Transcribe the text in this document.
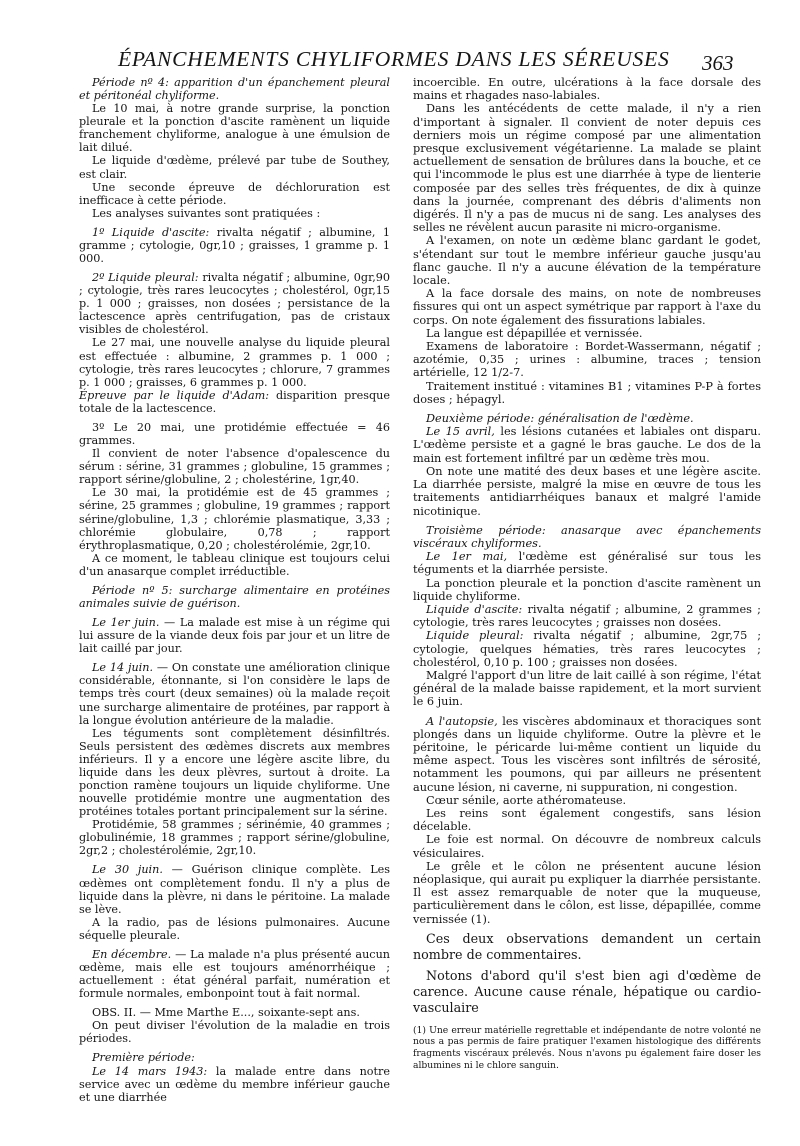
ÉPANCHEMENTS CHYLIFORMES DANS LES SÉREUSES 363

Période nº 4: apparition d'un épanchement pleural et péritonéal chyliforme.

Le 10 mai, à notre grande surprise, la ponction pleurale et la ponction d'ascite ramènent un liquide franchement chyliforme, analogue à une émulsion de lait dilué.

Le liquide d'œdème, prélevé par tube de Southey, est clair.

Une seconde épreuve de déchloruration est inefficace à cette période.

Les analyses suivantes sont pratiquées :

1º Liquide d'ascite: rivalta négatif ; albumine, 1 gramme ; cytologie, 0gr,10 ; graisses, 1 gramme p. 1 000.

2º Liquide pleural: rivalta négatif ; albumine, 0gr,90 ; cytologie, très rares leucocytes ; cholestérol, 0gr,15 p. 1 000 ; graisses, non dosées ; persistance de la lactescence après centrifugation, pas de cristaux visibles de cholestérol.

Le 27 mai, une nouvelle analyse du liquide pleural est effectuée : albumine, 2 grammes p. 1 000 ; cytologie, très rares leucocytes ; chlorure, 7 grammes p. 1 000 ; graisses, 6 grammes p. 1 000.

Épreuve par le liquide d'Adam: disparition presque totale de la lactescence.

3º Le 20 mai, une protidémie effectuée = 46 grammes.

Il convient de noter l'absence d'opalescence du sérum : sérine, 31 grammes ; globuline, 15 grammes ; rapport sérine/globuline, 2 ; cholestérine, 1gr,40.

Le 30 mai, la protidémie est de 45 grammes ; sérine, 25 grammes ; globuline, 19 grammes ; rapport sérine/globuline, 1,3 ; chlorémie plasmatique, 3,33 ; chlorémie globulaire, 0,78 ; rapport érythroplasmatique, 0,20 ; cholestérolémie, 2gr,10.

A ce moment, le tableau clinique est toujours celui d'un anasarque complet irréductible.

Période nº 5: surcharge alimentaire en protéines animales suivie de guérison.

Le 1er juin. — La malade est mise à un régime qui lui assure de la viande deux fois par jour et un litre de lait caillé par jour.

Le 14 juin. — On constate une amélioration clinique considérable, étonnante, si l'on considère le laps de temps très court (deux semaines) où la malade reçoit une surcharge alimentaire de protéines, par rapport à la longue évolution antérieure de la maladie.

Les téguments sont complètement désinfiltrés. Seuls persistent des œdèmes discrets aux membres inférieurs. Il y a encore une légère ascite libre, du liquide dans les deux plèvres, surtout à droite. La ponction ramène toujours un liquide chyliforme. Une nouvelle protidémie montre une augmentation des protéines totales portant principalement sur la sérine.

Protidémie, 58 grammes ; sérinémie, 40 grammes ; globulinémie, 18 grammes ; rapport sérine/globuline, 2gr,2 ; cholestérolémie, 2gr,10.

Le 30 juin. — Guérison clinique complète. Les œdèmes ont complètement fondu. Il n'y a plus de liquide dans la plèvre, ni dans le péritoine. La malade se lève.

A la radio, pas de lésions pulmonaires. Aucune séquelle pleurale.

En décembre. — La malade n'a plus présenté aucun œdème, mais elle est toujours aménorrhéique ; actuellement : état général parfait, numération et formule normales, embonpoint tout à fait normal.

OBS. II. — Mme Marthe E..., soixante-sept ans.

On peut diviser l'évolution de la maladie en trois périodes.

Première période:

Le 14 mars 1943: la malade entre dans notre service avec un œdème du membre inférieur gauche et une diarrhée

incoercible. En outre, ulcérations à la face dorsale des mains et rhagades naso-labiales.

Dans les antécédents de cette malade, il n'y a rien d'important à signaler. Il convient de noter depuis ces derniers mois un régime composé par une alimentation presque exclusivement végétarienne. La malade se plaint actuellement de sensation de brûlures dans la bouche, et ce qui l'incommode le plus est une diarrhée à type de lienterie composée par des selles très fréquentes, de dix à quinze dans la journée, comprenant des débris d'aliments non digérés. Il n'y a pas de mucus ni de sang. Les analyses des selles ne révèlent aucun parasite ni micro-organisme.

A l'examen, on note un œdème blanc gardant le godet, s'étendant sur tout le membre inférieur gauche jusqu'au flanc gauche. Il n'y a aucune élévation de la température locale.

A la face dorsale des mains, on note de nombreuses fissures qui ont un aspect symétrique par rapport à l'axe du corps. On note également des fissurations labiales.

La langue est dépapillée et vernissée.

Examens de laboratoire : Bordet-Wassermann, négatif ; azotémie, 0,35 ; urines : albumine, traces ; tension artérielle, 12 1/2-7.

Traitement institué : vitamines B1 ; vitamines P-P à fortes doses ; hépagyl.

Deuxième période: généralisation de l'œdème.

Le 15 avril, les lésions cutanées et labiales ont disparu. L'œdème persiste et a gagné le bras gauche. Le dos de la main est fortement infiltré par un œdème très mou.

On note une matité des deux bases et une légère ascite. La diarrhée persiste, malgré la mise en œuvre de tous les traitements antidiarrhéiques banaux et malgré l'amide nicotinique.

Troisième période: anasarque avec épanchements viscéraux chyliformes.

Le 1er mai, l'œdème est généralisé sur tous les téguments et la diarrhée persiste.

La ponction pleurale et la ponction d'ascite ramènent un liquide chyliforme.

Liquide d'ascite: rivalta négatif ; albumine, 2 grammes ; cytologie, très rares leucocytes ; graisses non dosées.

Liquide pleural: rivalta négatif ; albumine, 2gr,75 ; cytologie, quelques hématies, très rares leucocytes ; cholestérol, 0,10 p. 100 ; graisses non dosées.

Malgré l'apport d'un litre de lait caillé à son régime, l'état général de la malade baisse rapidement, et la mort survient le 6 juin.

A l'autopsie, les viscères abdominaux et thoraciques sont plongés dans un liquide chyliforme. Outre la plèvre et le péritoine, le péricarde lui-même contient un liquide du même aspect. Tous les viscères sont infiltrés de sérosité, notamment les poumons, qui par ailleurs ne présentent aucune lésion, ni caverne, ni suppuration, ni congestion.

Cœur sénile, aorte athéromateuse.

Les reins sont également congestifs, sans lésion décelable.

Le foie est normal. On découvre de nombreux calculs vésiculaires.

Le grêle et le côlon ne présentent aucune lésion néoplasique, qui aurait pu expliquer la diarrhée persistante. Il est assez remarquable de noter que la muqueuse, particulièrement dans le côlon, est lisse, dépapillée, comme vernissée (1).

Ces deux observations demandent un certain nombre de commentaires.

Notons d'abord qu'il s'est bien agi d'œdème de carence. Aucune cause rénale, hépatique ou cardio-vasculaire

(1) Une erreur matérielle regrettable et indépendante de notre volonté ne nous a pas permis de faire pratiquer l'examen histologique des différents fragments viscéraux prélevés. Nous n'avons pu également faire doser les albumines ni le chlore sanguin.
